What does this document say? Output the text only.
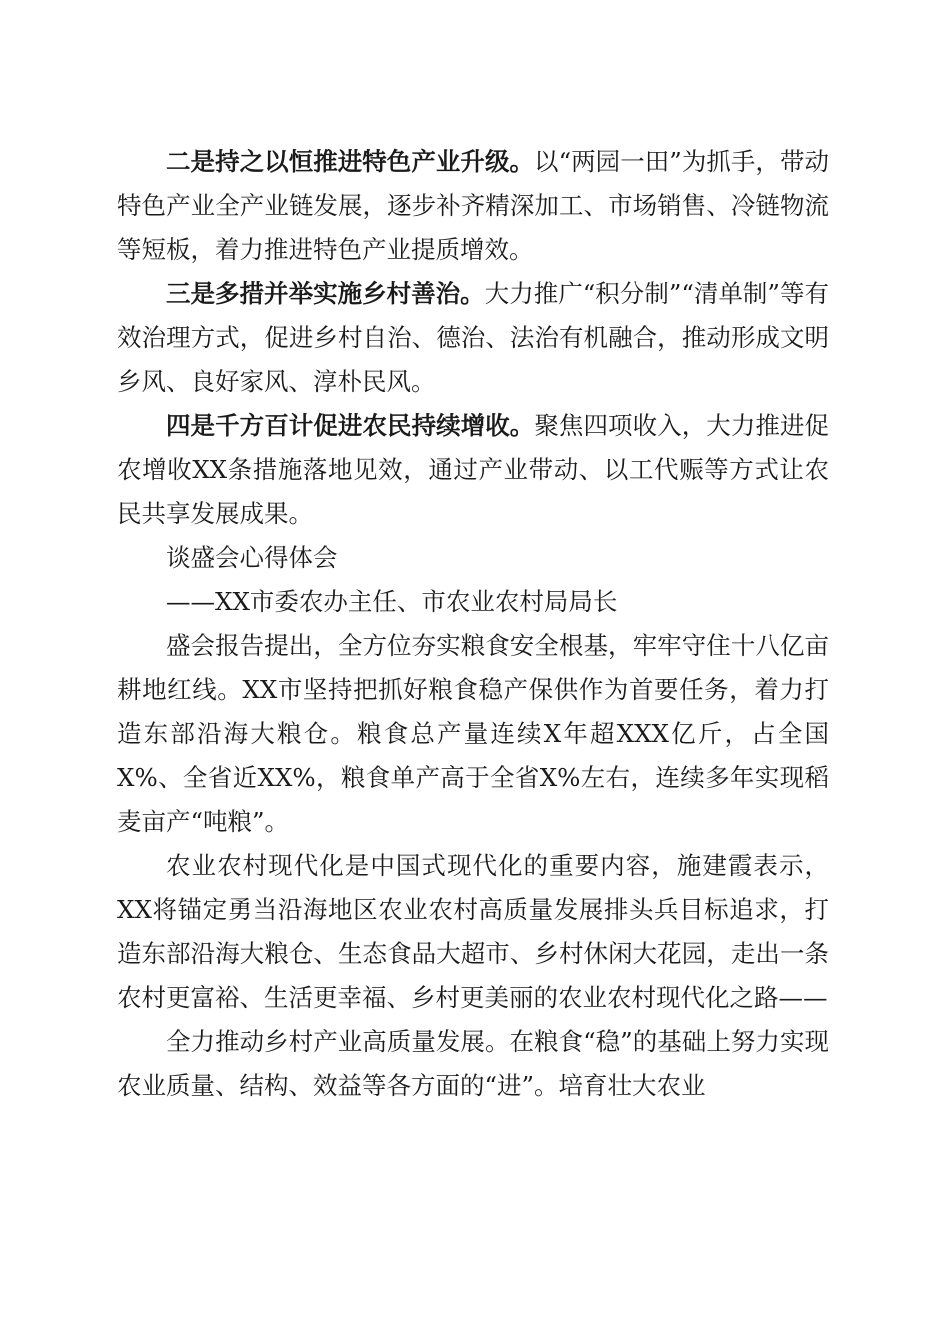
二是持之以恒推进特色产业升级。以“两园一田”为抓手，带动特色产业全产业链发展，逐步补齐精深加工、市场销售、冷链物流等短板，着力推进特色产业提质增效。

三是多措并举实施乡村善治。大力推广“积分制”“清单制”等有效治理方式，促进乡村自治、德治、法治有机融合，推动形成文明乡风、良好家风、淳朴民风。

四是千方百计促进农民持续增收。聚焦四项收入，大力推进促农增收XX条措施落地见效，通过产业带动、以工代赈等方式让农民共享发展成果。

谈盛会心得体会

——XX市委农办主任、市农业农村局局长

盛会报告提出，全方位夯实粮食安全根基，牢牢守住十八亿亩耕地红线。XX市坚持把抓好粮食稳产保供作为首要任务，着力打造东部沿海大粮仓。粮食总产量连续X年超XXX亿斤，占全国X%、全省近XX%，粮食单产高于全省X%左右，连续多年实现稻麦亩产“吨粮”。

农业农村现代化是中国式现代化的重要内容，施建霞表示，XX将锚定勇当沿海地区农业农村高质量发展排头兵目标追求，打造东部沿海大粮仓、生态食品大超市、乡村休闲大花园，走出一条农村更富裕、生活更幸福、乡村更美丽的农业农村现代化之路——

全力推动乡村产业高质量发展。在粮食“稳”的基础上努力实现农业质量、结构、效益等各方面的“进”。培育壮大农业
